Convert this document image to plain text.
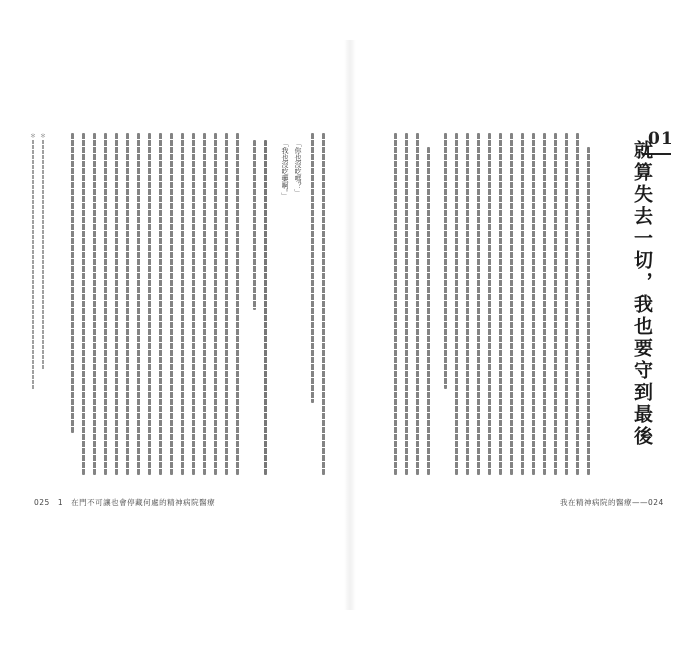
01
就算失去一切，我也要守到最後
我在精神病院的醫療——024
「你也沒吃嗎？」
「我也沒吃藥啊。」
＊
＊
025　1　在門不可讓也會停藏何處的精神病院醫療
